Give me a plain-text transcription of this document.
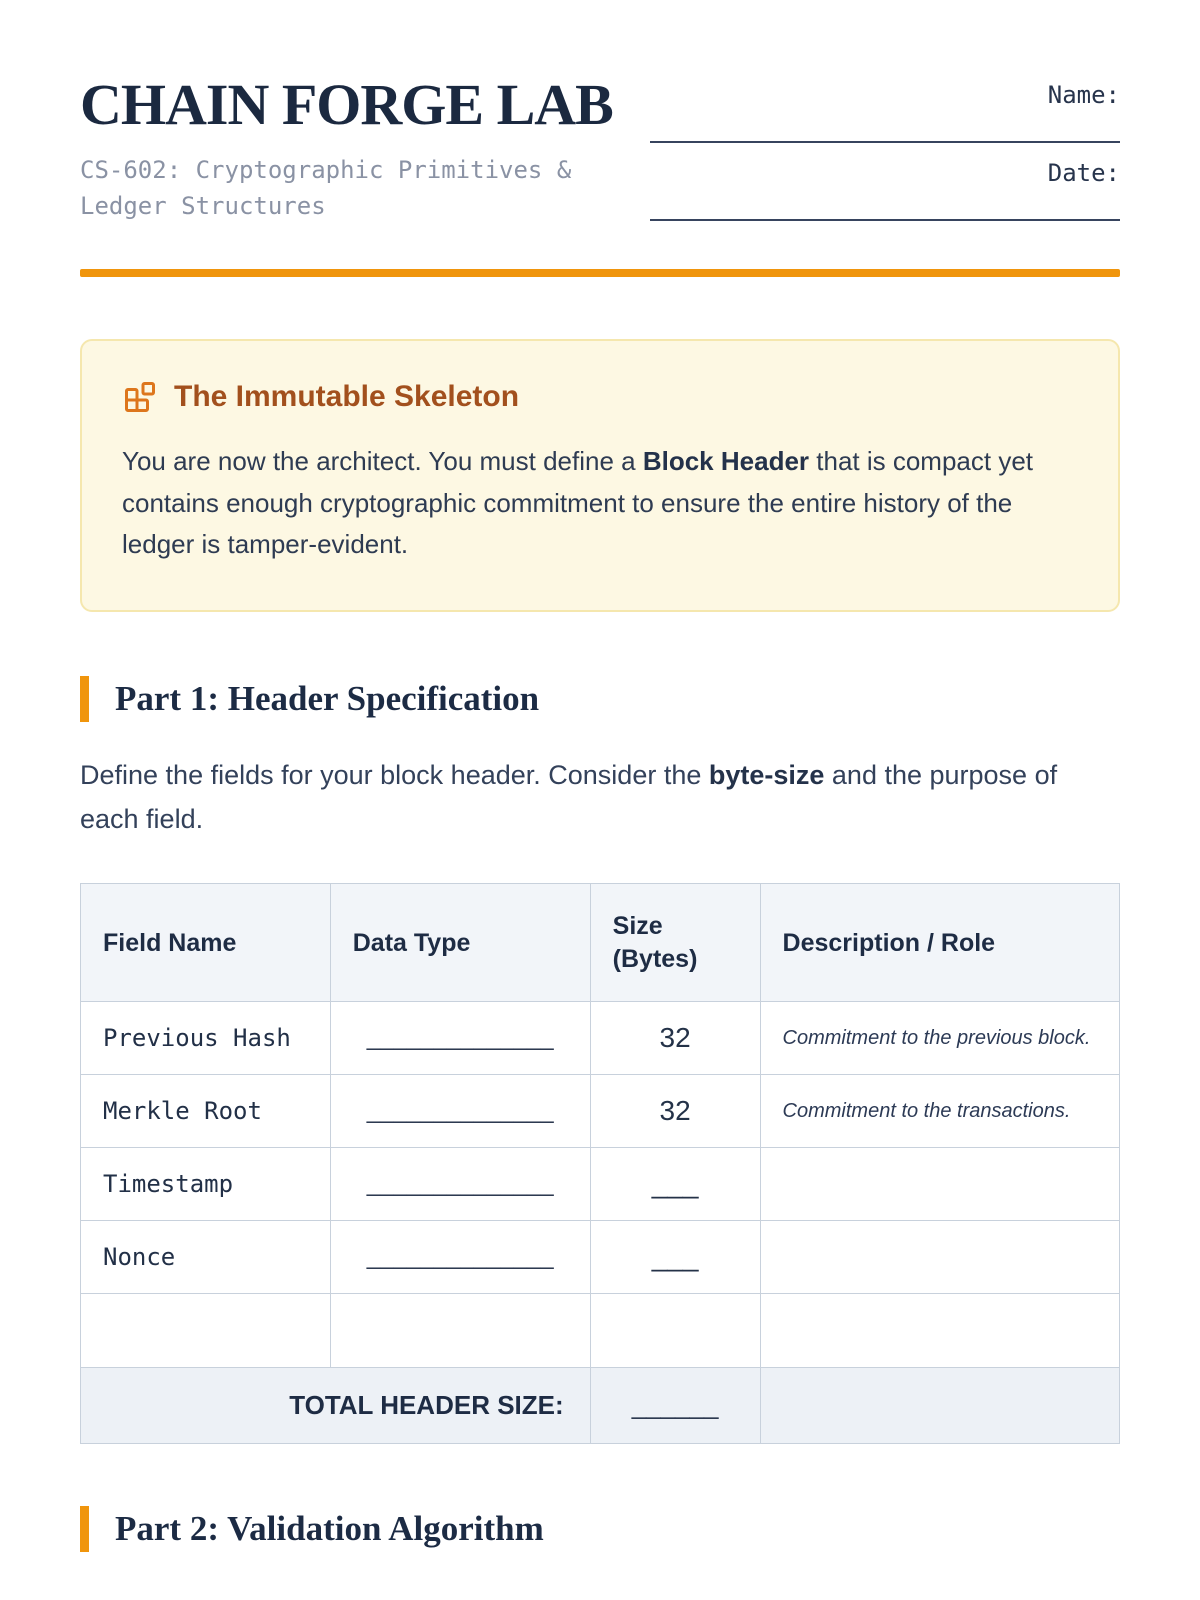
CHAIN FORGE LAB

CS-602: Cryptographic Primitives & Ledger Structures

Name:
Date:
The Immutable Skeleton

You are now the architect. You must define a Block Header that is compact yet contains enough cryptographic commitment to ensure the entire history of the ledger is tamper-evident.

Part 1: Header Specification

Define the fields for your block header. Consider the byte-size and the purpose of each field.

Field Name	Data Type	Size (Bytes)	Description / Role
Previous Hash	______________	32	Commitment to the previous block.
Merkle Root	______________	32	Commitment to the transactions.
Timestamp	______________	___	
Nonce	______________	___	

TOTAL HEADER SIZE:		______	
Part 2: Validation Algorithm
